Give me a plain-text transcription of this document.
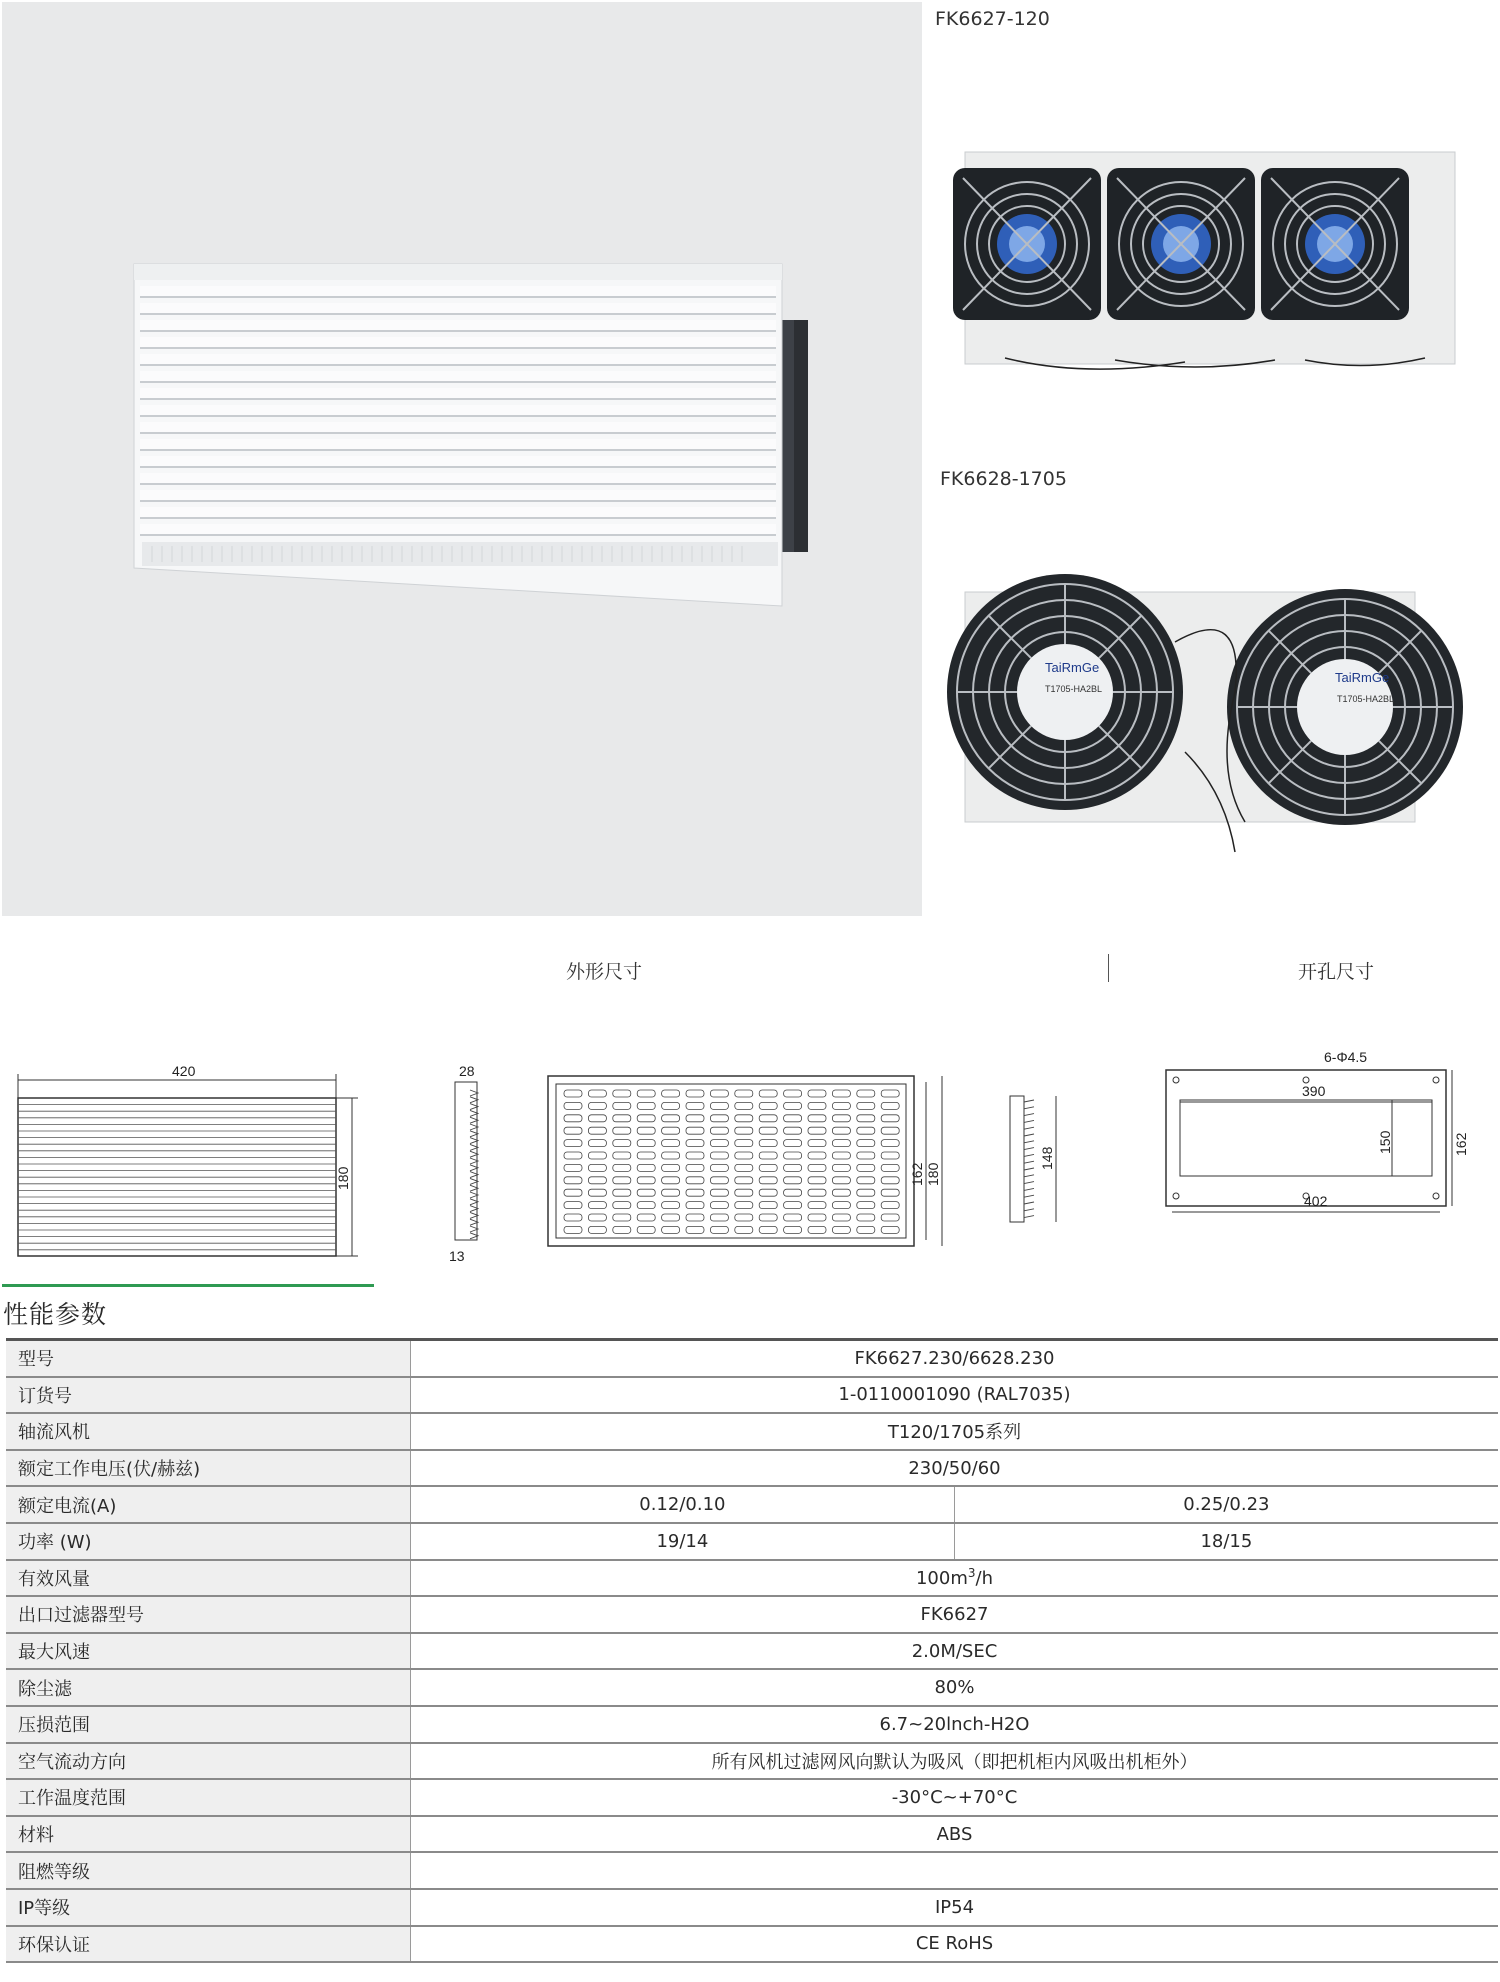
FK6627-120
FK6628-1705
TaiRmGe
T1705-HA2BL
TaiRmGe
T1705-HA2BL
外形尺寸	开孔尺寸
420
180
28
13
162 180
148
6-Φ4.5
390
150	162
402
性能参数
型号	FK6627.230/6628.230	
订货号	1-0110001090 (RAL7035)	
轴流风机	T120/1705系列	
额定工作电压(伏/赫兹)	230/50/60	
额定电流(A)	0.12/0.10	0.25/0.23
功率 (W)	19/14	18/15
有效风量	$100m^3/h$	
出口过滤器型号	FK6627	
最大风速	2.0M/SEC	
除尘滤	80%	
压损范围	6.7~20lnch-H2O	
空气流动方向	所有风机过滤网风向默认为吸风（即把机柜内风吸出机柜外）	
工作温度范围	-30°C~+70°C	
材料	ABS	
阻燃等级		
IP等级	IP54	
环保认证	CE RoHS	
